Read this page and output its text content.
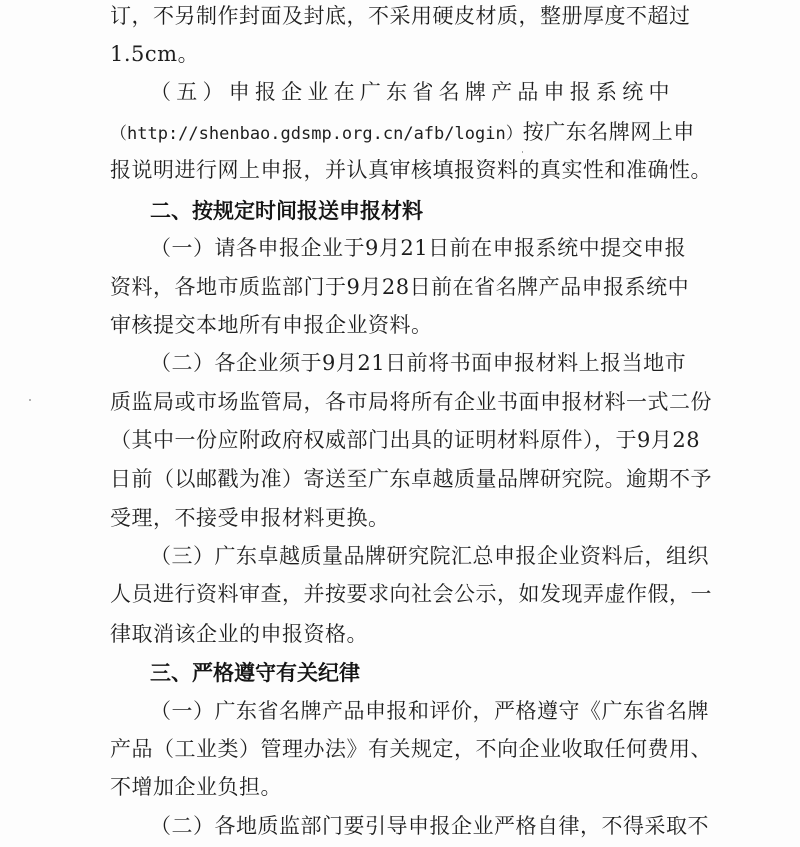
订，不另制作封面及封底，不采用硬皮材质，整册厚度不超过
1.5cm。
（五）申报企业在广东省名牌产品申报系统中
（http://shenbao.gdsmp.org.cn/afb/login）按广东名牌网上申
报说明进行网上申报，并认真审核填报资料的真实性和准确性。
二、按规定时间报送申报材料
（一）请各申报企业于9月21日前在申报系统中提交申报
资料，各地市质监部门于9月28日前在省名牌产品申报系统中
审核提交本地所有申报企业资料。
（二）各企业须于9月21日前将书面申报材料上报当地市
质监局或市场监管局，各市局将所有企业书面申报材料一式二份
（其中一份应附政府权威部门出具的证明材料原件），于9月28
日前（以邮戳为准）寄送至广东卓越质量品牌研究院。逾期不予
受理，不接受申报材料更换。
（三）广东卓越质量品牌研究院汇总申报企业资料后，组织
人员进行资料审查，并按要求向社会公示，如发现弄虚作假，一
律取消该企业的申报资格。
三、严格遵守有关纪律
（一）广东省名牌产品申报和评价，严格遵守《广东省名牌
产品（工业类）管理办法》有关规定，不向企业收取任何费用、
不增加企业负担。
（二）各地质监部门要引导申报企业严格自律，不得采取不
